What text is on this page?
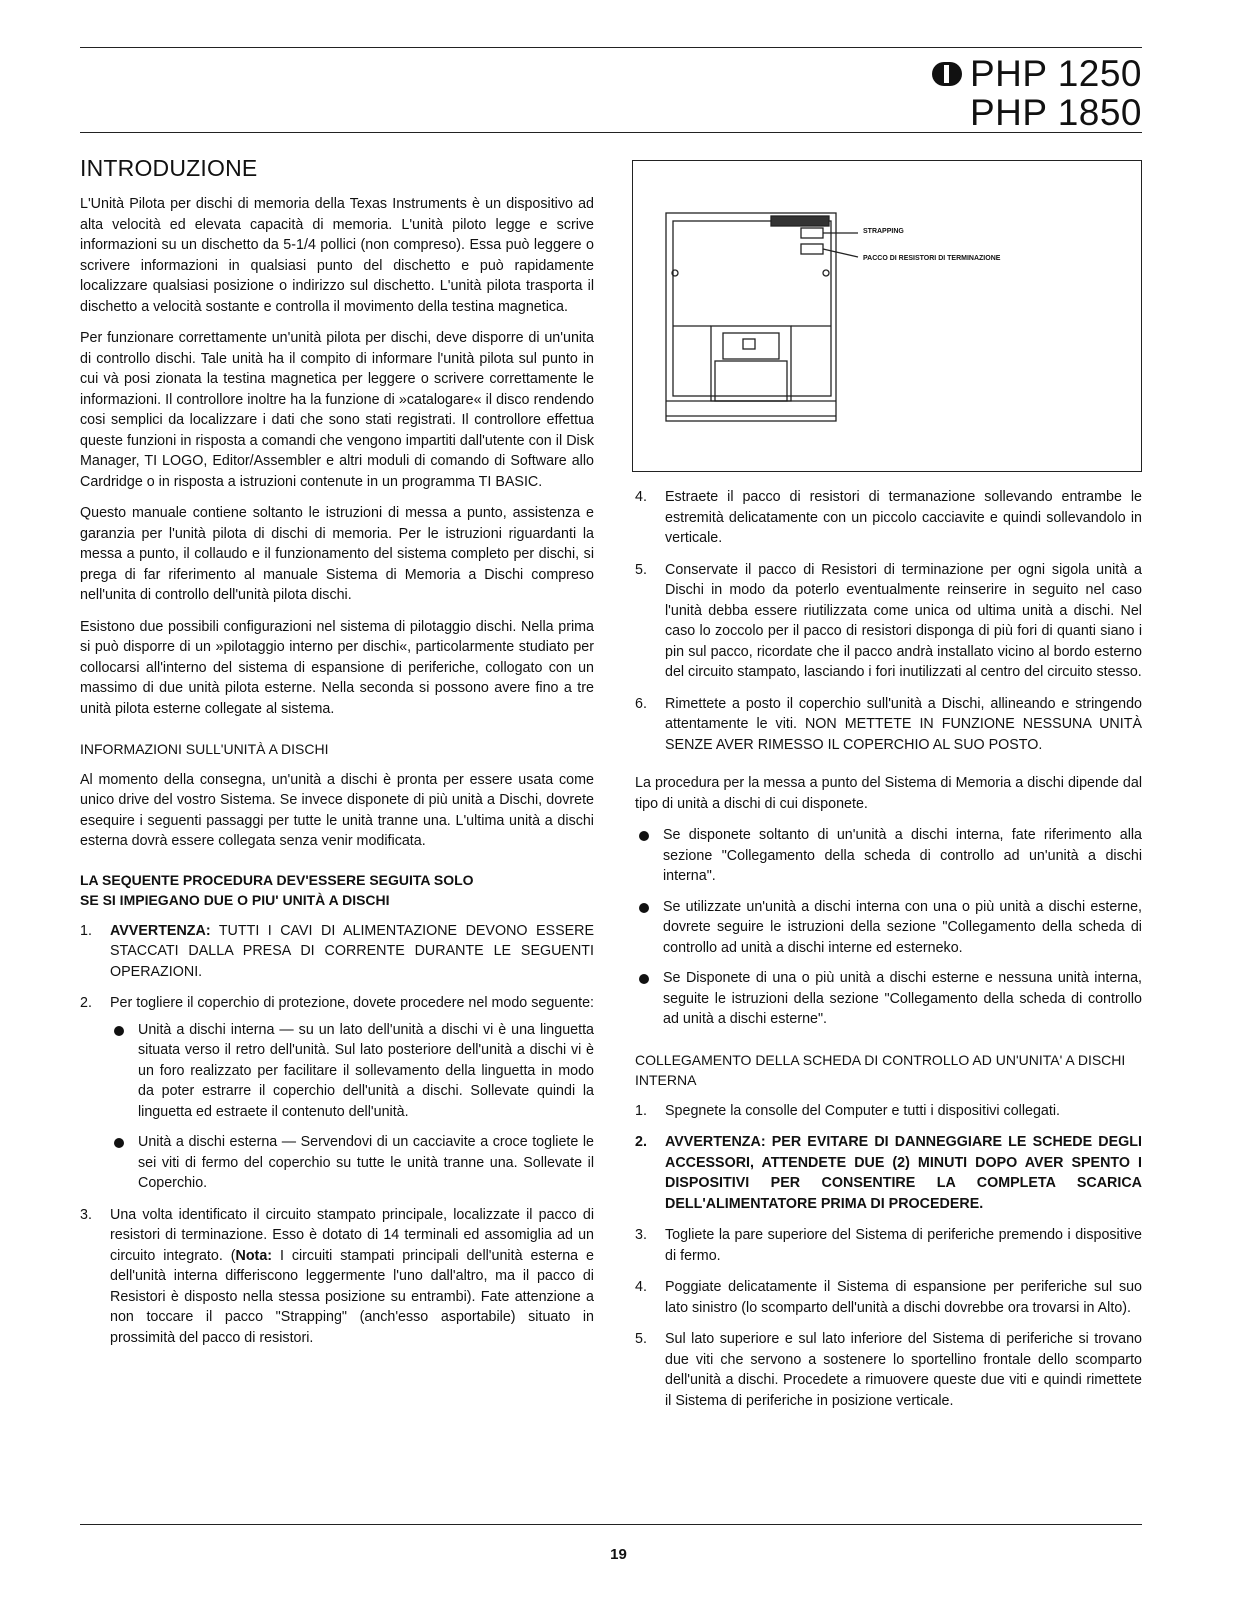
PHP 1250
PHP 1850
INTRODUZIONE

L'Unità Pilota per dischi di memoria della Texas Instruments è un dispositivo ad alta velocità ed elevata capacità di memoria. L'unità piloto legge e scrive informazioni su un dischetto da 5-1/4 pollici (non compreso). Essa può leggere o scrivere informazioni in qualsiasi punto del dischetto e può rapidamente localizzare qualsiasi posizione o indirizzo sul dischetto. L'unità pilota trasporta il dischetto a velocità sostante e controlla il movimento della testina magnetica.

Per funzionare correttamente un'unità pilota per dischi, deve disporre di un'unita di controllo dischi. Tale unità ha il compito di informare l'unità pilota sul punto in cui và posi zionata la testina magnetica per leggere o scrivere correttamente le informazioni. Il controllore inoltre ha la funzione di »catalogare« il disco rendendo cosi semplici da localizzare i dati che sono stati registrati. Il controllore effettua queste funzioni in risposta a comandi che vengono impartiti dall'utente con il Disk Manager, TI LOGO, Editor/Assembler e altri moduli di comando di Software allo Cardridge o in risposta a istruzioni contenute in un programma TI BASIC.

Questo manuale contiene soltanto le istruzioni di messa a punto, assistenza e garanzia per l'unità pilota di dischi di memoria. Per le istruzioni riguardanti la messa a punto, il collaudo e il funzionamento del sistema completo per dischi, si prega di far riferimento al manuale Sistema di Memoria a Dischi compreso nell'unita di controllo dell'unità pilota dischi.

Esistono due possibili configurazioni nel sistema di pilotaggio dischi. Nella prima si può disporre di un »pilotaggio interno per dischi«, particolarmente studiato per collocarsi all'interno del sistema di espansione di periferiche, collogato con un massimo di due unità pilota esterne. Nella seconda si possono avere fino a tre unità pilota esterne collegate al sistema.

INFORMAZIONI SULL'UNITÀ A DISCHI

Al momento della consegna, un'unità a dischi è pronta per essere usata come unico drive del vostro Sistema. Se invece disponete di più unità a Dischi, dovrete esequire i seguenti passaggi per tutte le unità tranne una. L'ultima unità a dischi esterna dovrà essere collegata senza venir modificata.

LA SEQUENTE PROCEDURA DEV'ESSERE SEGUITA SOLO
SE SI IMPIEGANO DUE O PIU' UNITÀ A DISCHI
1. AVVERTENZA: TUTTI I CAVI DI ALIMENTAZIONE DEVONO ESSERE STACCATI DALLA PRESA DI CORRENTE DURANTE LE SEGUENTI OPERAZIONI.
2. Per togliere il coperchio di protezione, dovete procedere nel modo seguente:
Unità a dischi interna — su un lato dell'unità a dischi vi è una linguetta situata verso il retro dell'unità. Sul lato posteriore dell'unità a dischi vi è un foro realizzato per facilitare il sollevamento della linguetta in modo da poter estrarre il coperchio dell'unità a dischi. Sollevate quindi la linguetta ed estraete il contenuto dell'unità.
Unità a dischi esterna — Servendovi di un cacciavite a croce togliete le sei viti di fermo del coperchio su tutte le unità tranne una. Sollevate il Coperchio.
3. Una volta identificato il circuito stampato principale, localizzate il pacco di resistori di terminazione. Esso è dotato di 14 terminali ed assomiglia ad un circuito integrato. (Nota: I circuiti stampati principali dell'unità esterna e dell'unità interna differiscono leggermente l'uno dall'altro, ma il pacco di Resistori è disposto nella stessa posizione su entrambi). Fate attenzione a non toccare il pacco "Strapping" (anch'esso asportabile) situato in prossimità del pacco di resistori.
STRAPPING
PACCO DI RESISTORI DI TERMINAZIONE
4. Estraete il pacco di resistori di termanazione sollevando entrambe le estremità delicatamente con un piccolo cacciavite e quindi sollevandolo in verticale.
5. Conservate il pacco di Resistori di terminazione per ogni sigola unità a Dischi in modo da poterlo eventualmente reinserire in seguito nel caso l'unità debba essere riutilizzata come unica od ultima unità a dischi. Nel caso lo zoccolo per il pacco di resistori disponga di più fori di quanti siano i pin sul pacco, ricordate che il pacco andrà installato vicino al bordo esterno del circuito stampato, lasciando i fori inutilizzati al centro del circuito stesso.
6. Rimettete a posto il coperchio sull'unità a Dischi, allineando e stringendo attentamente le viti. NON METTETE IN FUNZIONE NESSUNA UNITÀ SENZE AVER RIMESSO IL COPERCHIO AL SUO POSTO.

La procedura per la messa a punto del Sistema di Memoria a dischi dipende dal tipo di unità a dischi di cui disponete.

Se disponete soltanto di un'unità a dischi interna, fate riferimento alla sezione "Collegamento della scheda di controllo ad un'unità a dischi interna".
Se utilizzate un'unità a dischi interna con una o più unità a dischi esterne, dovrete seguire le istruzioni della sezione "Collegamento della scheda di controllo ad unità a dischi interne ed esterneko.
Se Disponete di una o più unità a dischi esterne e nessuna unità interna, seguite le istruzioni della sezione "Collegamento della scheda di controllo ad unità a dischi esterne".
COLLEGAMENTO DELLA SCHEDA DI CONTROLLO AD UN'UNITA' A DISCHI INTERNA
1. Spegnete la consolle del Computer e tutti i dispositivi collegati.
2. AVVERTENZA: PER EVITARE DI DANNEGGIARE LE SCHEDE DEGLI ACCESSORI, ATTENDETE DUE (2) MINUTI DOPO AVER SPENTO I DISPOSITIVI PER CONSENTIRE LA COMPLETA SCARICA DELL'ALIMENTATORE PRIMA DI PROCEDERE.
3. Togliete la pare superiore del Sistema di periferiche premendo i dispositive di fermo.
4. Poggiate delicatamente il Sistema di espansione per periferiche sul suo lato sinistro (lo scomparto dell'unità a dischi dovrebbe ora trovarsi in Alto).
5. Sul lato superiore e sul lato inferiore del Sistema di periferiche si trovano due viti che servono a sostenere lo sportellino frontale dello scomparto dell'unità a dischi. Procedete a rimuovere queste due viti e quindi rimettete il Sistema di periferiche in posizione verticale.
19
